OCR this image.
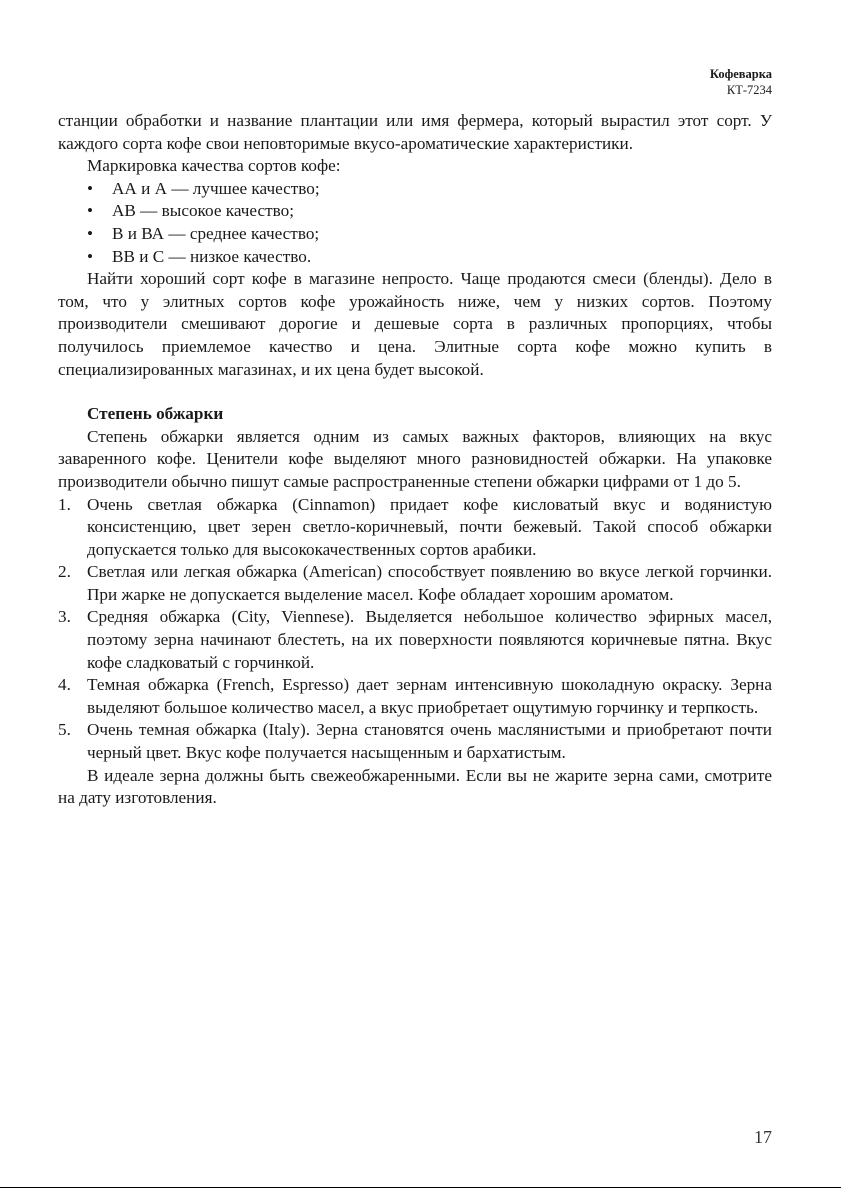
Кофеварка
КТ-7234

станции обработки и название плантации или имя фермера, который вырастил этот сорт. У каждого сорта кофе свои неповторимые вкусо-ароматические характеристики.

Маркировка качества сортов кофе:

• АА и А — лучшее качество;
• АВ — высокое качество;
• В и ВА — среднее качество;
• ВВ и С — низкое качество.

Найти хороший сорт кофе в магазине непросто. Чаще продаются смеси (бленды). Дело в том, что у элитных сортов кофе урожайность ниже, чем у низких сортов. Поэтому производители смешивают дорогие и дешевые сорта в различных пропорциях, чтобы получилось приемлемое качество и цена. Элитные сорта кофе можно купить в специализированных магазинах, и их цена будет высокой.

Степень обжарки

Степень обжарки является одним из самых важных факторов, влияющих на вкус заваренного кофе. Ценители кофе выделяют много разновидностей обжарки. На упаковке производители обычно пишут самые распространенные степени обжарки цифрами от 1 до 5.

1. Очень светлая обжарка (Cinnamon) придает кофе кисловатый вкус и водянистую консистенцию, цвет зерен светло-коричневый, почти бежевый. Такой способ обжарки допускается только для высококачественных сортов арабики.
2. Светлая или легкая обжарка (American) способствует появлению во вкусе легкой горчинки. При жарке не допускается выделение масел. Кофе обладает хорошим ароматом.
3. Средняя обжарка (City, Viennese). Выделяется небольшое количество эфирных масел, поэтому зерна начинают блестеть, на их поверхности появляются коричневые пятна. Вкус кофе сладковатый с горчинкой.
4. Темная обжарка (French, Espresso) дает зернам интенсивную шоколадную окраску. Зерна выделяют большое количество масел, а вкус приобретает ощутимую горчинку и терпкость.
5. Очень темная обжарка (Italy). Зерна становятся очень маслянистыми и приобретают почти черный цвет. Вкус кофе получается насыщенным и бархатистым.

В идеале зерна должны быть свежеобжаренными. Если вы не жарите зерна сами, смотрите на дату изготовления.

17
